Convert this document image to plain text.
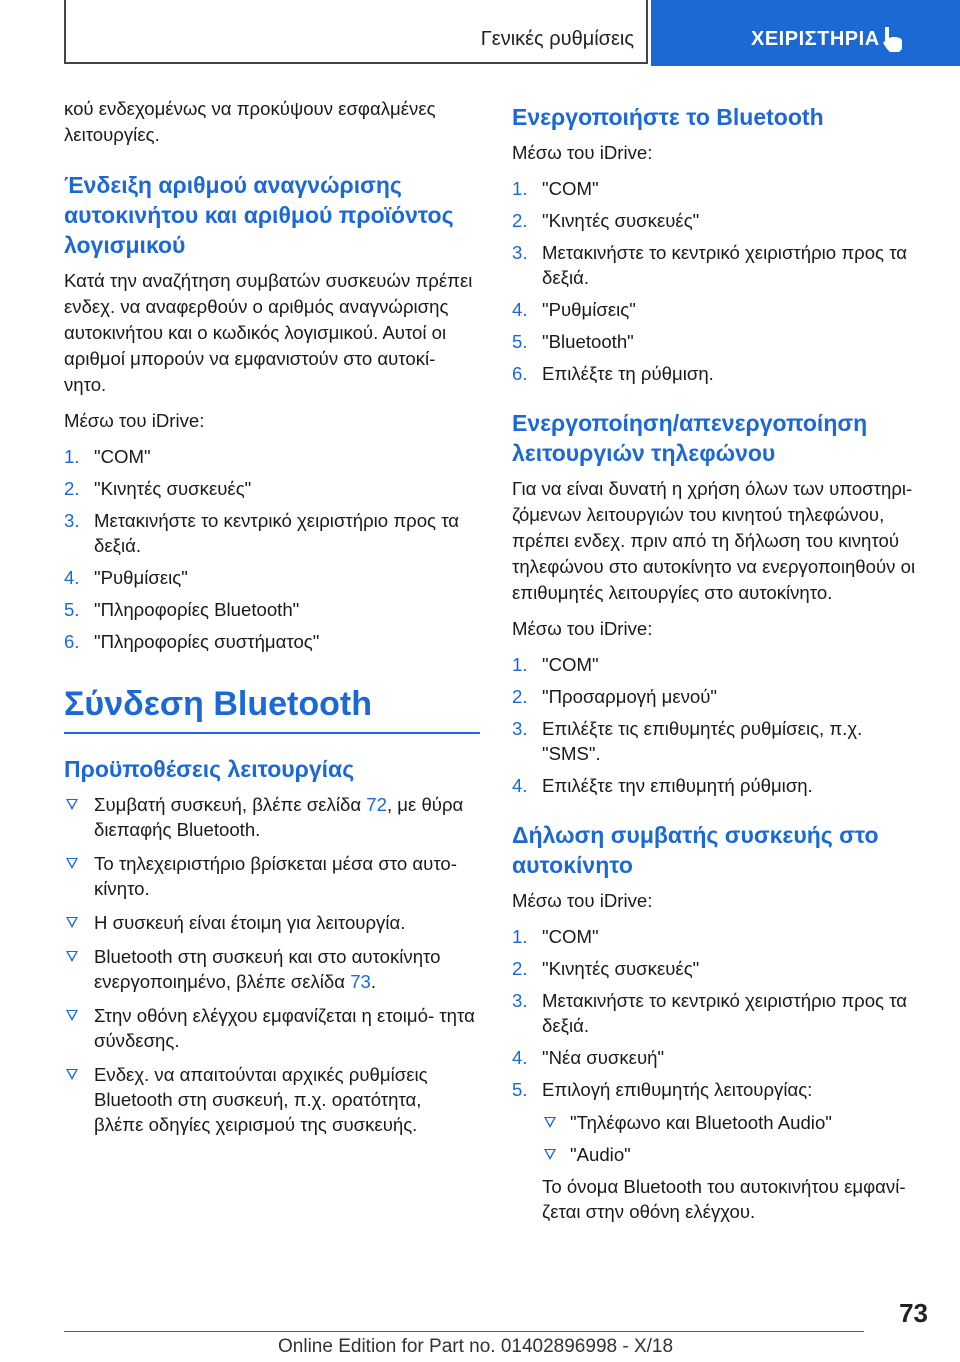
Γενικές ρυθμίσεις	ΧΕΙΡΙΣΤΗΡΙΑ

κού ενδεχομένως να προκύψουν εσφαλμένες λειτουργίες.

Ένδειξη αριθμού αναγνώρισης αυτοκινήτου και αριθμού προϊόντος λογισμικού

Κατά την αναζήτηση συμβατών συσκευών πρέπει ενδεχ. να αναφερθούν ο αριθμός αναγνώρισης αυτοκινήτου και ο κωδικός λογισμικού. Αυτοί οι αριθμοί μπορούν να εμφανιστούν στο αυτοκί‐ νητο.

Μέσω του iDrive:

1. "COM"
2. "Κινητές συσκευές"
3. Μετακινήστε το κεντρικό χειριστήριο προς τα δεξιά.
4. "Ρυθμίσεις"
5. "Πληροφορίες Bluetooth"
6. "Πληροφορίες συστήματος"
Σύνδεση Bluetooth
Προϋποθέσεις λειτουργίας
Συμβατή συσκευή, βλέπε σελίδα 72, με θύρα διεπαφής Bluetooth.
Το τηλεχειριστήριο βρίσκεται μέσα στο αυτο‐ κίνητο.
Η συσκευή είναι έτοιμη για λειτουργία.
Bluetooth στη συσκευή και στο αυτοκίνητο ενεργοποιημένο, βλέπε σελίδα 73.
Στην οθόνη ελέγχου εμφανίζεται η ετοιμό‐ τητα σύνδεσης.
Ενδεχ. να απαιτούνται αρχικές ρυθμίσεις Bluetooth στη συσκευή, π.χ. ορατότητα, βλέπε οδηγίες χειρισμού της συσκευής.
Ενεργοποιήστε το Bluetooth

Μέσω του iDrive:

1. "COM"
2. "Κινητές συσκευές"
3. Μετακινήστε το κεντρικό χειριστήριο προς τα δεξιά.
4. "Ρυθμίσεις"
5. "Bluetooth"
6. Επιλέξτε τη ρύθμιση.
Ενεργοποίηση/απενεργοποίηση λειτουργιών τηλεφώνου

Για να είναι δυνατή η χρήση όλων των υποστηρι‐ ζόμενων λειτουργιών του κινητού τηλεφώνου, πρέπει ενδεχ. πριν από τη δήλωση του κινητού τηλεφώνου στο αυτοκίνητο να ενεργοποιηθούν οι επιθυμητές λειτουργίες στο αυτοκίνητο.

Μέσω του iDrive:

1. "COM"
2. "Προσαρμογή μενού"
3. Επιλέξτε τις επιθυμητές ρυθμίσεις, π.χ. "SMS".
4. Επιλέξτε την επιθυμητή ρύθμιση.
Δήλωση συμβατής συσκευής στο αυτοκίνητο

Μέσω του iDrive:

1. "COM"
2. "Κινητές συσκευές"
3. Μετακινήστε το κεντρικό χειριστήριο προς τα δεξιά.
4. "Νέα συσκευή"
5. Επιλογή επιθυμητής λειτουργίας:
"Τηλέφωνο και Bluetooth Audio"
"Audio"

Το όνομα Bluetooth του αυτοκινήτου εμφανί‐ ζεται στην οθόνη ελέγχου.

73
Online Edition for Part no. 01402896998 - X/18
